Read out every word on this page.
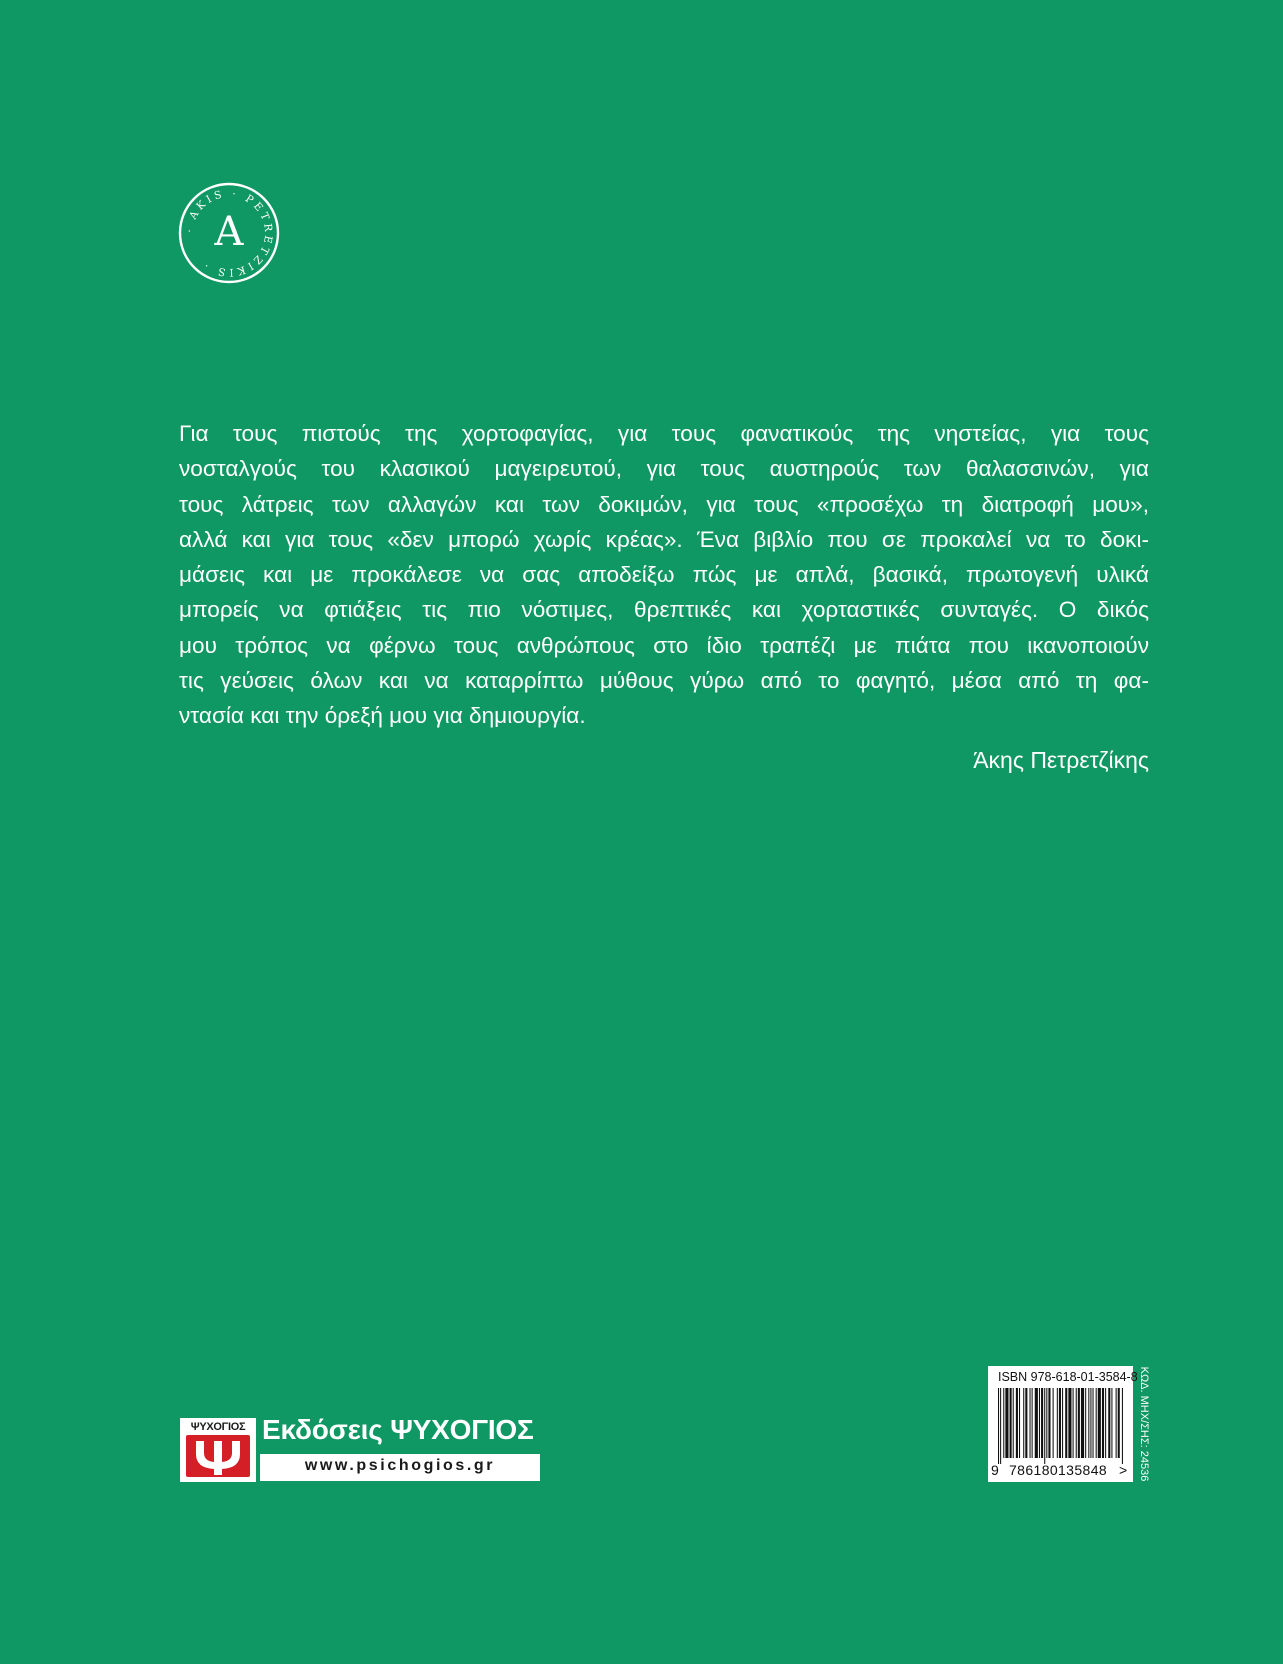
· AKIS · PETRETZIKIS ·
A
Για τους πιστούς της χορτοφαγίας, για τους φανατικούς της νηστείας, για τους
νοσταλγούς του κλασικού μαγειρευτού, για τους αυστηρούς των θαλασσινών, για
τους λάτρεις των αλλαγών και των δοκιμών, για τους «προσέχω τη διατροφή μου»,
αλλά και για τους «δεν μπορώ χωρίς κρέας». Ένα βιβλίο που σε προκαλεί να το δοκι-
μάσεις και με προκάλεσε να σας αποδείξω πώς με απλά, βασικά, πρωτογενή υλικά
μπορείς να φτιάξεις τις πιο νόστιμες, θρεπτικές και χορταστικές συνταγές. Ο δικός
μου τρόπος να φέρνω τους ανθρώπους στο ίδιο τραπέζι με πιάτα που ικανοποιούν
τις γεύσεις όλων και να καταρρίπτω μύθους γύρω από το φαγητό, μέσα από τη φα-
ντασία και την όρεξή μου για δημιουργία.

Άκης Πετρετζίκης

ΨΥΧΟΓΙΟΣ Εκδόσεις ΨΥΧΟΓΙΟΣ

www.psichogios.gr
ISBN 978-618-01-3584-8
9 786180 135848 > ΚΩΔ. ΜΗΧ/ΣΗΣ: 24536
